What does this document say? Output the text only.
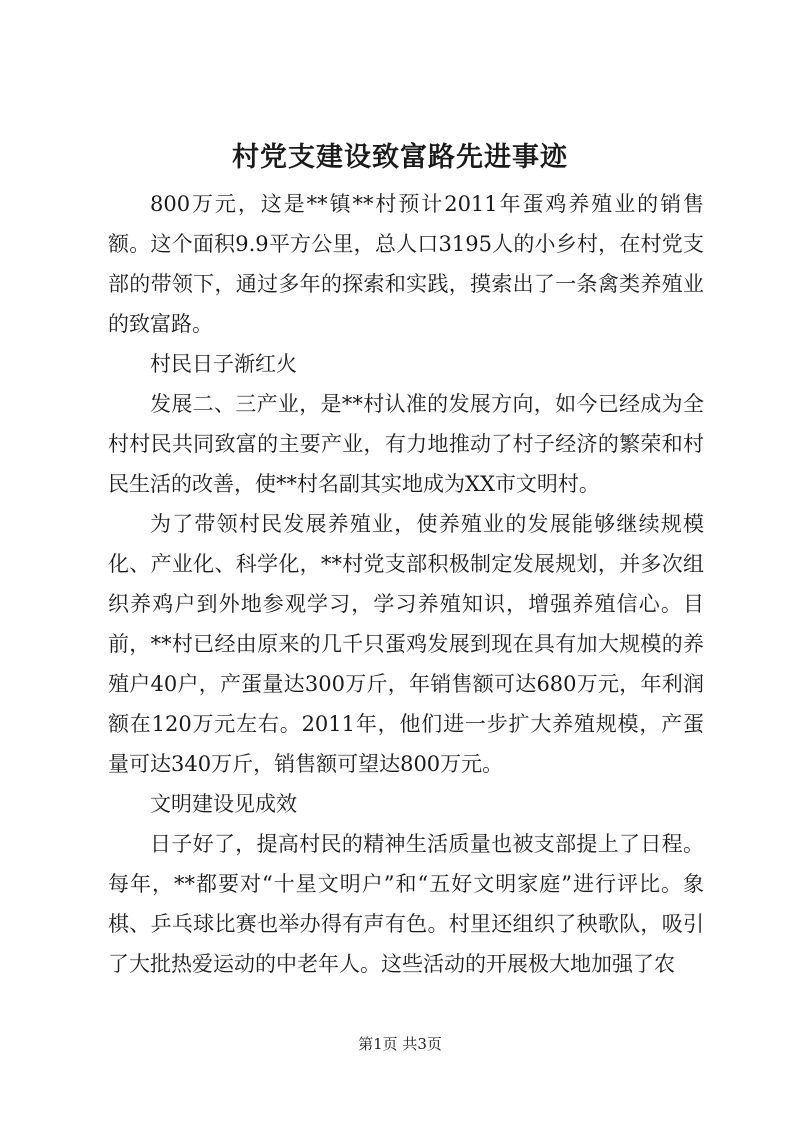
村党支建设致富路先进事迹

800万元，这是**镇**村预计2011年蛋鸡养殖业的销售额。这个面积9.9平方公里，总人口3195人的小乡村，在村党支部的带领下，通过多年的探索和实践，摸索出了一条禽类养殖业的致富路。

村民日子渐红火

发展二、三产业，是**村认准的发展方向，如今已经成为全村村民共同致富的主要产业，有力地推动了村子经济的繁荣和村民生活的改善，使**村名副其实地成为XX市文明村。

为了带领村民发展养殖业，使养殖业的发展能够继续规模化、产业化、科学化，**村党支部积极制定发展规划，并多次组织养鸡户到外地参观学习，学习养殖知识，增强养殖信心。目前，**村已经由原来的几千只蛋鸡发展到现在具有加大规模的养殖户40户，产蛋量达300万斤，年销售额可达680万元，年利润额在120万元左右。2011年，他们进一步扩大养殖规模，产蛋量可达340万斤，销售额可望达800万元。

文明建设见成效

日子好了，提高村民的精神生活质量也被支部提上了日程。每年，**都要对“十星文明户”和“五好文明家庭”进行评比。象棋、乒乓球比赛也举办得有声有色。村里还组织了秧歌队，吸引了大批热爱运动的中老年人。这些活动的开展极大地加强了农

第1页 共3页
